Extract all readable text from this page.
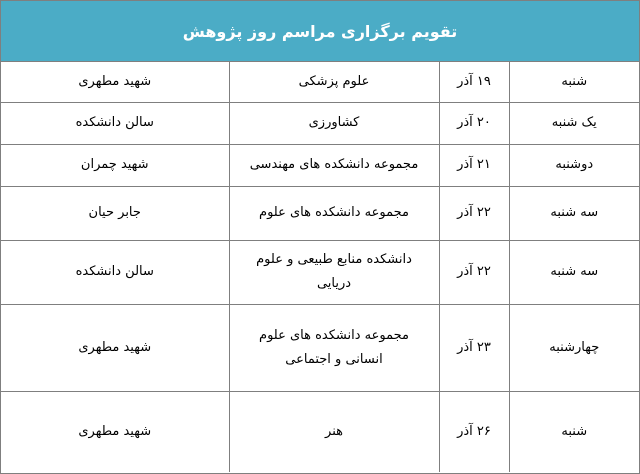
تقویم برگزاری مراسم روز پژوهش
شنبه	۱۹ آذر	علوم پزشکی	شهید مطهری
یک شنبه	۲۰ آذر	کشاورزی	سالن دانشکده
دوشنبه	۲۱ آذر	مجموعه دانشکده های مهندسی	شهید چمران
سه شنبه	۲۲ آذر	مجموعه دانشکده های علوم	جابر حیان
سه شنبه	۲۲ آذر	دانشکده منابع طبیعی و علوم دریایی	سالن دانشکده
چهارشنبه	۲۳ آذر	مجموعه دانشکده های علوم انسانی و اجتماعی	شهید مطهری
شنبه	۲۶ آذر	هنر	شهید مطهری
